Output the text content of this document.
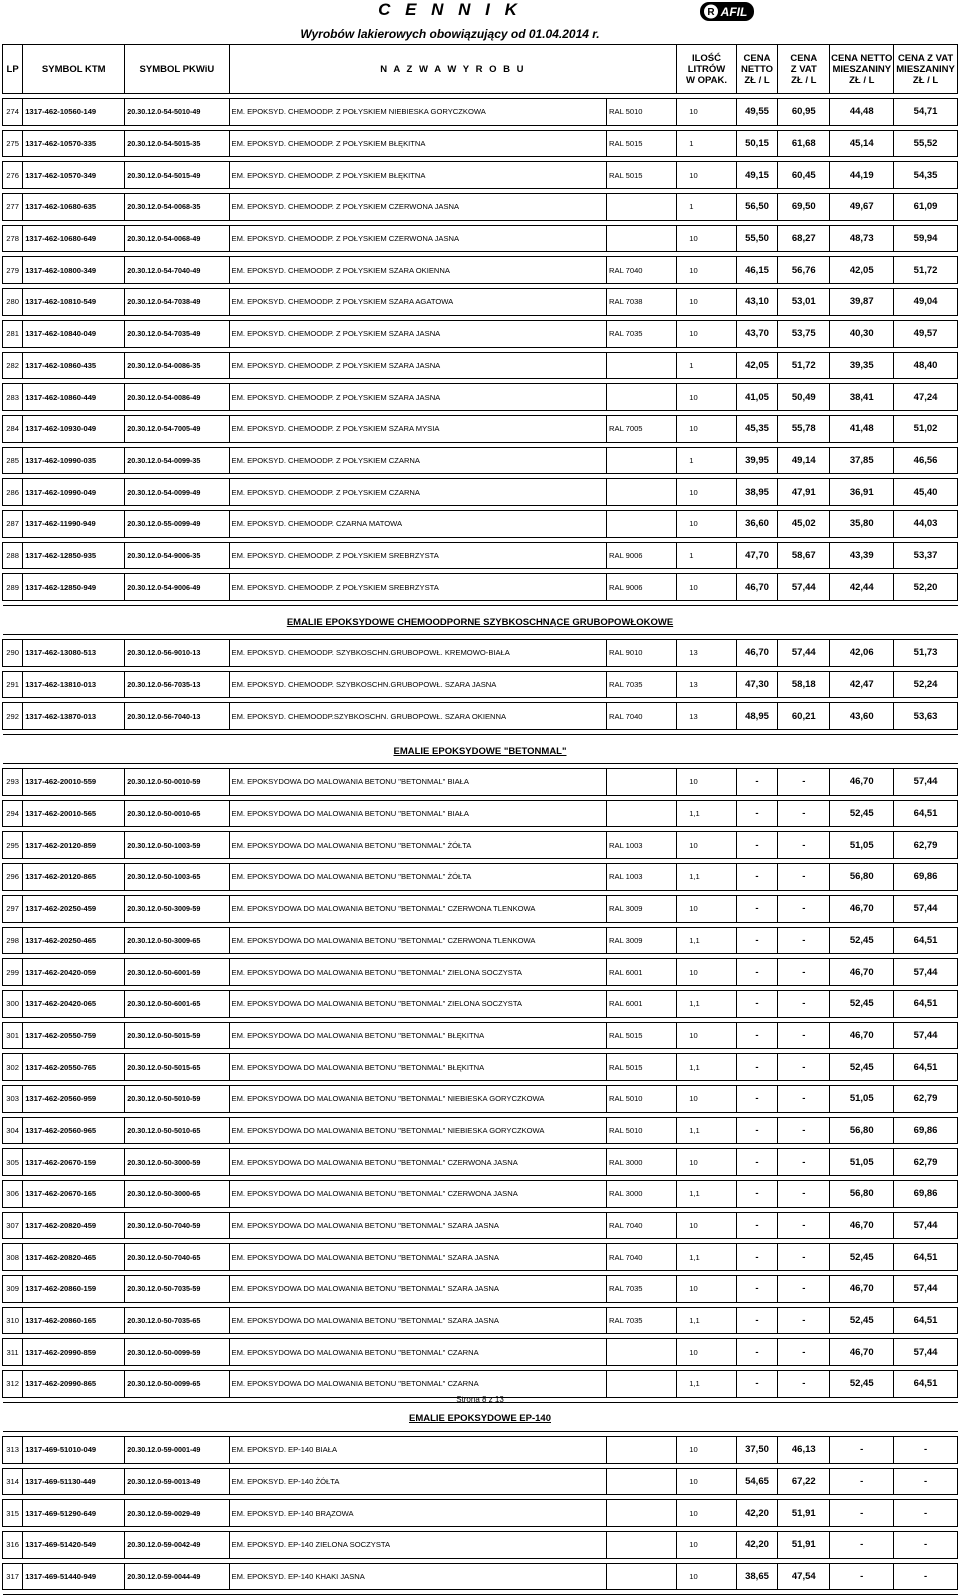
C E N N I K
Wyrobów lakierowych obowiązujący od 01.04.2014 r.
R AFIL
LP	SYMBOL KTM	SYMBOL PKWiU	N A Z W A W Y R O B U		ILOŚĆ
LITRÓW
W OPAK.	CENA
NETTO
ZŁ / L	CENA
Z VAT
ZŁ / L	CENA NETTO
MIESZANINY
ZŁ / L	CENA Z VAT
MIESZANINY
ZŁ / L

274	1317-462-10560-149	20.30.12.0-54-5010-49	EM. EPOKSYD. CHEMOODP. Z POŁYSKIEM NIEBIESKA GORYCZKOWA	RAL 5010	10	49,55	60,95	44,48	54,71

275	1317-462-10570-335	20.30.12.0-54-5015-35	EM. EPOKSYD. CHEMOODP. Z POŁYSKIEM BŁĘKITNA	RAL 5015	1	50,15	61,68	45,14	55,52

276	1317-462-10570-349	20.30.12.0-54-5015-49	EM. EPOKSYD. CHEMOODP. Z POŁYSKIEM BŁĘKITNA	RAL 5015	10	49,15	60,45	44,19	54,35

277	1317-462-10680-635	20.30.12.0-54-0068-35	EM. EPOKSYD. CHEMOODP. Z POŁYSKIEM CZERWONA JASNA		1	56,50	69,50	49,67	61,09

278	1317-462-10680-649	20.30.12.0-54-0068-49	EM. EPOKSYD. CHEMOODP. Z POŁYSKIEM CZERWONA JASNA		10	55,50	68,27	48,73	59,94

279	1317-462-10800-349	20.30.12.0-54-7040-49	EM. EPOKSYD. CHEMOODP. Z POŁYSKIEM SZARA OKIENNA	RAL 7040	10	46,15	56,76	42,05	51,72

280	1317-462-10810-549	20.30.12.0-54-7038-49	EM. EPOKSYD. CHEMOODP. Z POŁYSKIEM SZARA AGATOWA	RAL 7038	10	43,10	53,01	39,87	49,04

281	1317-462-10840-049	20.30.12.0-54-7035-49	EM. EPOKSYD. CHEMOODP. Z POŁYSKIEM SZARA JASNA	RAL 7035	10	43,70	53,75	40,30	49,57

282	1317-462-10860-435	20.30.12.0-54-0086-35	EM. EPOKSYD. CHEMOODP. Z POŁYSKIEM SZARA JASNA		1	42,05	51,72	39,35	48,40

283	1317-462-10860-449	20.30.12.0-54-0086-49	EM. EPOKSYD. CHEMOODP. Z POŁYSKIEM SZARA JASNA		10	41,05	50,49	38,41	47,24

284	1317-462-10930-049	20.30.12.0-54-7005-49	EM. EPOKSYD. CHEMOODP. Z POŁYSKIEM SZARA MYSIA	RAL 7005	10	45,35	55,78	41,48	51,02

285	1317-462-10990-035	20.30.12.0-54-0099-35	EM. EPOKSYD. CHEMOODP. Z POŁYSKIEM CZARNA		1	39,95	49,14	37,85	46,56

286	1317-462-10990-049	20.30.12.0-54-0099-49	EM. EPOKSYD. CHEMOODP. Z POŁYSKIEM CZARNA		10	38,95	47,91	36,91	45,40

287	1317-462-11990-949	20.30.12.0-55-0099-49	EM. EPOKSYD. CHEMOODP. CZARNA MATOWA		10	36,60	45,02	35,80	44,03

288	1317-462-12850-935	20.30.12.0-54-9006-35	EM. EPOKSYD. CHEMOODP. Z POŁYSKIEM SREBRZYSTA	RAL 9006	1	47,70	58,67	43,39	53,37

289	1317-462-12850-949	20.30.12.0-54-9006-49	EM. EPOKSYD. CHEMOODP. Z POŁYSKIEM SREBRZYSTA	RAL 9006	10	46,70	57,44	42,44	52,20

EMALIE EPOKSYDOWE CHEMOODPORNE SZYBKOSCHNĄCE GRUBOPOWŁOKOWE									

290	1317-462-13080-513	20.30.12.0-56-9010-13	EM. EPOKSYD. CHEMOODP. SZYBKOSCHN.GRUBOPOWŁ. KREMOWO-BIAŁA	RAL 9010	13	46,70	57,44	42,06	51,73

291	1317-462-13810-013	20.30.12.0-56-7035-13	EM. EPOKSYD. CHEMOODP. SZYBKOSCHN.GRUBOPOWŁ. SZARA JASNA	RAL 7035	13	47,30	58,18	42,47	52,24

292	1317-462-13870-013	20.30.12.0-56-7040-13	EM. EPOKSYD. CHEMOODP.SZYBKOSCHN. GRUBOPOWŁ. SZARA OKIENNA	RAL 7040	13	48,95	60,21	43,60	53,63

EMALIE EPOKSYDOWE "BETONMAL"									

293	1317-462-20010-559	20.30.12.0-50-0010-59	EM. EPOKSYDOWA DO MALOWANIA BETONU "BETONMAL" BIAŁA		10	-	-	46,70	57,44

294	1317-462-20010-565	20.30.12.0-50-0010-65	EM. EPOKSYDOWA DO MALOWANIA BETONU "BETONMAL" BIAŁA		1,1	-	-	52,45	64,51

295	1317-462-20120-859	20.30.12.0-50-1003-59	EM. EPOKSYDOWA DO MALOWANIA BETONU "BETONMAL" ŻÓŁTA	RAL 1003	10	-	-	51,05	62,79

296	1317-462-20120-865	20.30.12.0-50-1003-65	EM. EPOKSYDOWA DO MALOWANIA BETONU "BETONMAL" ŻÓŁTA	RAL 1003	1,1	-	-	56,80	69,86

297	1317-462-20250-459	20.30.12.0-50-3009-59	EM. EPOKSYDOWA DO MALOWANIA BETONU "BETONMAL" CZERWONA TLENKOWA	RAL 3009	10	-	-	46,70	57,44

298	1317-462-20250-465	20.30.12.0-50-3009-65	EM. EPOKSYDOWA DO MALOWANIA BETONU "BETONMAL" CZERWONA TLENKOWA	RAL 3009	1,1	-	-	52,45	64,51

299	1317-462-20420-059	20.30.12.0-50-6001-59	EM. EPOKSYDOWA DO MALOWANIA BETONU "BETONMAL" ZIELONA SOCZYSTA	RAL 6001	10	-	-	46,70	57,44

300	1317-462-20420-065	20.30.12.0-50-6001-65	EM. EPOKSYDOWA DO MALOWANIA BETONU "BETONMAL" ZIELONA SOCZYSTA	RAL 6001	1,1	-	-	52,45	64,51

301	1317-462-20550-759	20.30.12.0-50-5015-59	EM. EPOKSYDOWA DO MALOWANIA BETONU "BETONMAL" BŁĘKITNA	RAL 5015	10	-	-	46,70	57,44

302	1317-462-20550-765	20.30.12.0-50-5015-65	EM. EPOKSYDOWA DO MALOWANIA BETONU "BETONMAL" BŁĘKITNA	RAL 5015	1,1	-	-	52,45	64,51

303	1317-462-20560-959	20.30.12.0-50-5010-59	EM. EPOKSYDOWA DO MALOWANIA BETONU "BETONMAL" NIEBIESKA GORYCZKOWA	RAL 5010	10	-	-	51,05	62,79

304	1317-462-20560-965	20.30.12.0-50-5010-65	EM. EPOKSYDOWA DO MALOWANIA BETONU "BETONMAL" NIEBIESKA GORYCZKOWA	RAL 5010	1,1	-	-	56,80	69,86

305	1317-462-20670-159	20.30.12.0-50-3000-59	EM. EPOKSYDOWA DO MALOWANIA BETONU "BETONMAL" CZERWONA JASNA	RAL 3000	10	-	-	51,05	62,79

306	1317-462-20670-165	20.30.12.0-50-3000-65	EM. EPOKSYDOWA DO MALOWANIA BETONU "BETONMAL" CZERWONA JASNA	RAL 3000	1,1	-	-	56,80	69,86

307	1317-462-20820-459	20.30.12.0-50-7040-59	EM. EPOKSYDOWA DO MALOWANIA BETONU "BETONMAL" SZARA JASNA	RAL 7040	10	-	-	46,70	57,44

308	1317-462-20820-465	20.30.12.0-50-7040-65	EM. EPOKSYDOWA DO MALOWANIA BETONU "BETONMAL" SZARA JASNA	RAL 7040	1,1	-	-	52,45	64,51

309	1317-462-20860-159	20.30.12.0-50-7035-59	EM. EPOKSYDOWA DO MALOWANIA BETONU "BETONMAL" SZARA JASNA	RAL 7035	10	-	-	46,70	57,44

310	1317-462-20860-165	20.30.12.0-50-7035-65	EM. EPOKSYDOWA DO MALOWANIA BETONU "BETONMAL" SZARA JASNA	RAL 7035	1,1	-	-	52,45	64,51

311	1317-462-20990-859	20.30.12.0-50-0099-59	EM. EPOKSYDOWA DO MALOWANIA BETONU "BETONMAL" CZARNA		10	-	-	46,70	57,44

312	1317-462-20990-865	20.30.12.0-50-0099-65	EM. EPOKSYDOWA DO MALOWANIA BETONU "BETONMAL" CZARNA		1,1	-	-	52,45	64,51

EMALIE EPOKSYDOWE EP-140									

313	1317-469-51010-049	20.30.12.0-59-0001-49	EM. EPOKSYD. EP-140 BIAŁA		10	37,50	46,13	-	-

314	1317-469-51130-449	20.30.12.0-59-0013-49	EM. EPOKSYD. EP-140 ŻÓŁTA		10	54,65	67,22	-	-

315	1317-469-51290-649	20.30.12.0-59-0029-49	EM. EPOKSYD. EP-140 BRĄZOWA		10	42,20	51,91	-	-

316	1317-469-51420-549	20.30.12.0-59-0042-49	EM. EPOKSYD. EP-140 ZIELONA SOCZYSTA		10	42,20	51,91	-	-

317	1317-469-51440-949	20.30.12.0-59-0044-49	EM. EPOKSYD. EP-140 KHAKI JASNA		10	38,65	47,54	-	-

Strona 8 z 13
